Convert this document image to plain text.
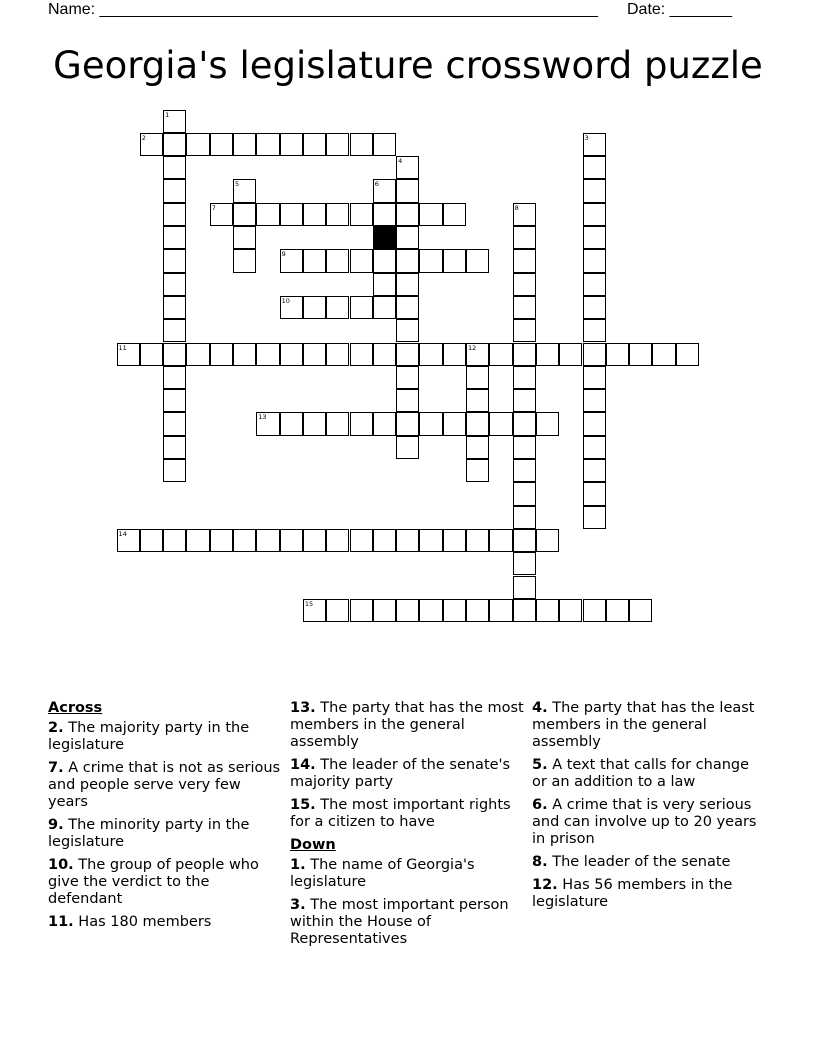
Name: ________________________________________________________	Date: _______
Georgia's legislature crossword puzzle
1
2	3
4
5	6
7	8
9
10
11	12
13
14
15
Across
2. The majority party in the legislature
7. A crime that is not as serious and people serve very few years
9. The minority party in the legislature
10. The group of people who give the verdict to the defendant
11. Has 180 members
13. The party that has the most members in the general assembly
14. The leader of the senate's majority party
15. The most important rights for a citizen to have
Down
1. The name of Georgia's legislature
3. The most important person within the House of Representatives
4. The party that has the least members in the general assembly
5. A text that calls for change or an addition to a law
6. A crime that is very serious and can involve up to 20 years in prison
8. The leader of the senate
12. Has 56 members in the legislature
